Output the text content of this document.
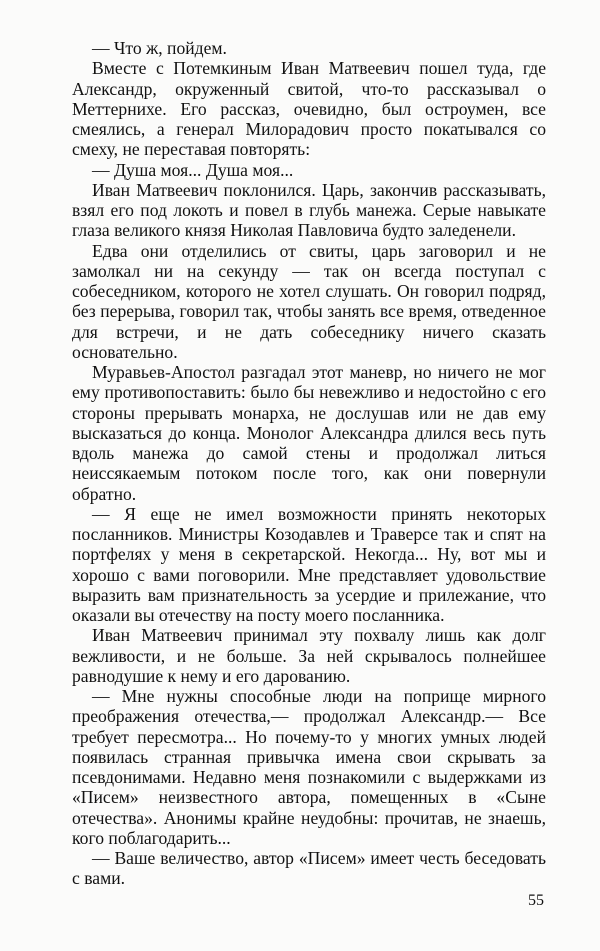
— Что ж, пойдем.

Вместе с Потемкиным Иван Матвеевич пошел туда, где Александр, окруженный свитой, что-то рассказывал о Меттернихе. Его рассказ, очевидно, был остроумен, все смеялись, а генерал Милорадович просто покатывался со смеху, не переставая повторять:

— Душа моя... Душа моя...

Иван Матвеевич поклонился. Царь, закончив рассказывать, взял его под локоть и повел в глубь манежа. Серые навыкате глаза великого князя Николая Павловича будто заледенели.

Едва они отделились от свиты, царь заговорил и не замолкал ни на секунду — так он всегда поступал с собеседником, которого не хотел слушать. Он говорил подряд, без перерыва, говорил так, чтобы занять все время, отведенное для встречи, и не дать собеседнику ничего сказать основательно.

Муравьев-Апостол разгадал этот маневр, но ничего не мог ему противопоставить: было бы невежливо и недостойно с его стороны прерывать монарха, не дослушав или не дав ему высказаться до конца. Монолог Александра длился весь путь вдоль манежа до самой стены и продолжал литься неиссякаемым потоком после того, как они повернули обратно.

— Я еще не имел возможности принять некоторых посланников. Министры Козодавлев и Траверсе так и спят на портфелях у меня в секретарской. Некогда... Ну, вот мы и хорошо с вами поговорили. Мне представляет удовольствие выразить вам признательность за усердие и прилежание, что оказали вы отечеству на посту моего посланника.

Иван Матвеевич принимал эту похвалу лишь как долг вежливости, и не больше. За ней скрывалось полнейшее равнодушие к нему и его дарованию.

— Мне нужны способные люди на поприще мирного преображения отечества,— продолжал Александр.— Все требует пересмотра... Но почему-то у многих умных людей появилась странная привычка имена свои скрывать за псевдонимами. Недавно меня познакомили с выдержками из «Писем» неизвестного автора, помещенных в «Сыне отечества». Анонимы крайне неудобны: прочитав, не знаешь, кого поблагодарить...

— Ваше величество, автор «Писем» имеет честь беседовать с вами.

55
